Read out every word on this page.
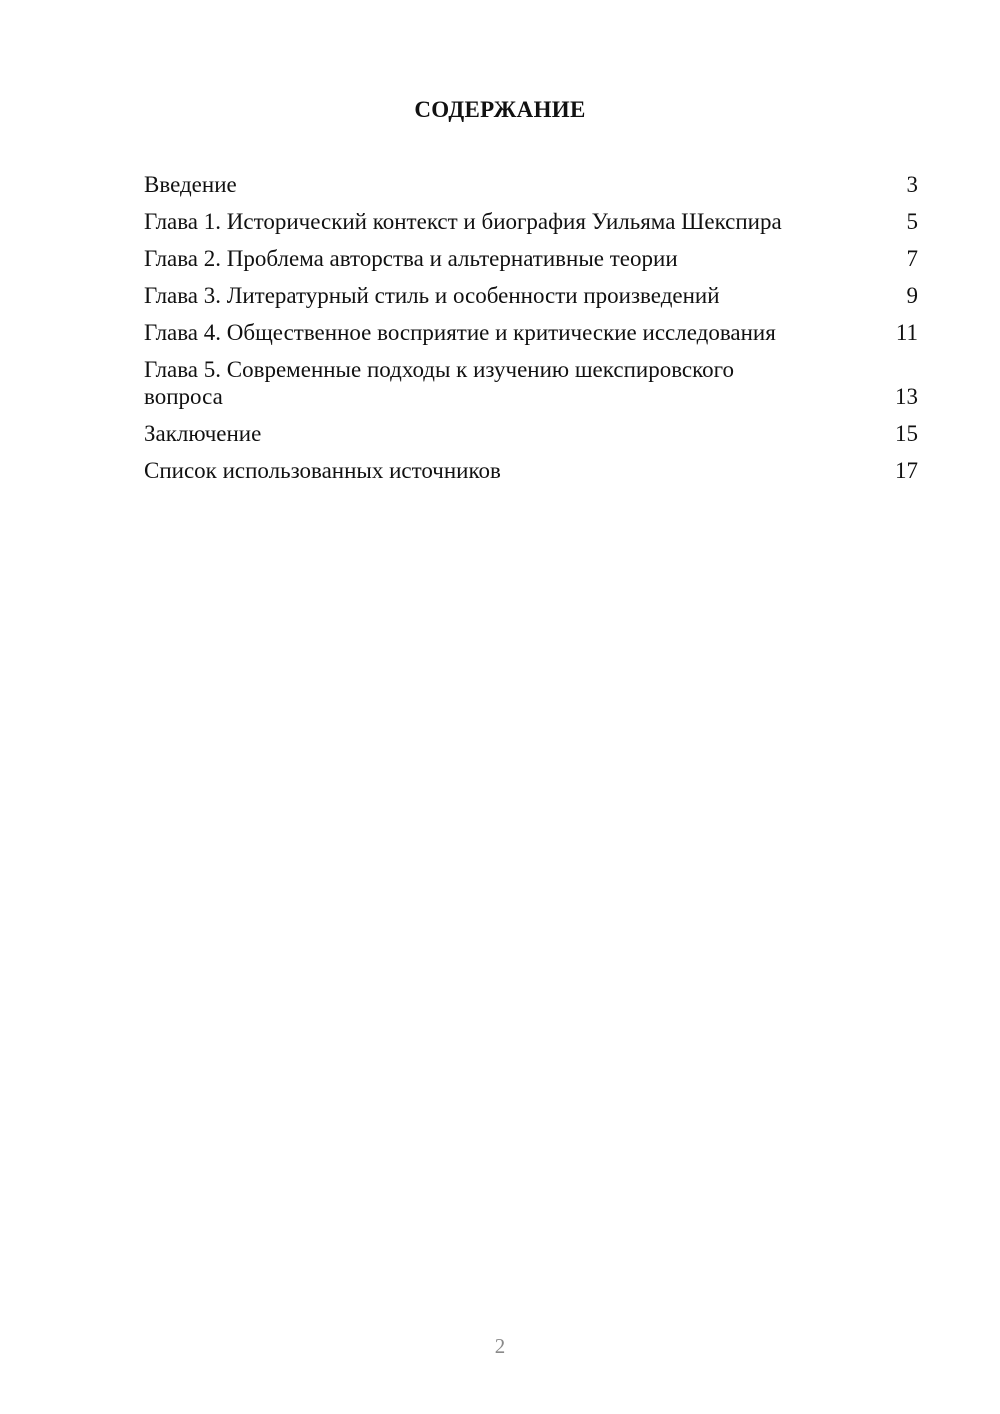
СОДЕРЖАНИЕ
Введение	3
Глава 1. Исторический контекст и биография Уильяма Шекспира	5
Глава 2. Проблема авторства и альтернативные теории	7
Глава 3. Литературный стиль и особенности произведений	9
Глава 4. Общественное восприятие и критические исследования	11
Глава 5. Современные подходы к изучению шекспировского вопроса	13
Заключение	15
Список использованных источников	17

2
